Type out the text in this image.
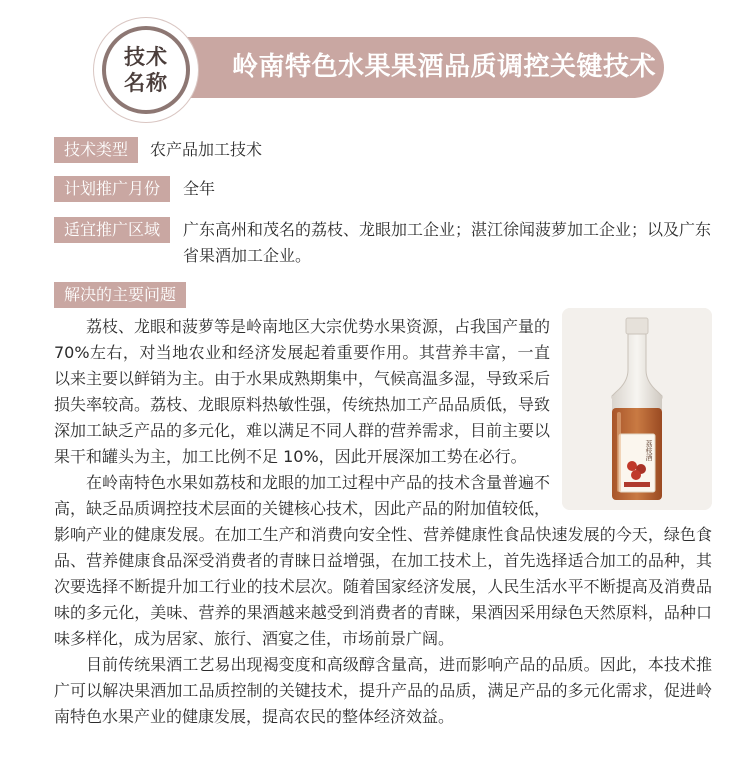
岭南特色水果果酒品质调控关键技术
技术
名称
技术类型	农产品加工技术
计划推广月份	全年
适宜推广区域	广东高州和茂名的荔枝、龙眼加工企业；湛江徐闻菠萝加工企业；以及广东省果酒加工企业。
解决的主要问题
荔枝酒

荔枝、龙眼和菠萝等是岭南地区大宗优势水果资源，占我国产量的 70%左右，对当地农业和经济发展起着重要作用。其营养丰富，一直以来主要以鲜销为主。由于水果成熟期集中，气候高温多湿，导致采后损失率较高。荔枝、龙眼原料热敏性强，传统热加工产品品质低，导致深加工缺乏产品的多元化，难以满足不同人群的营养需求，目前主要以果干和罐头为主，加工比例不足 10%，因此开展深加工势在必行。

在岭南特色水果如荔枝和龙眼的加工过程中产品的技术含量普遍不高，缺乏品质调控技术层面的关键核心技术，因此产品的附加值较低，影响产业的健康发展。在加工生产和消费向安全性、营养健康性食品快速发展的今天，绿色食品、营养健康食品深受消费者的青睐日益增强，在加工技术上，首先选择适合加工的品种，其次要选择不断提升加工行业的技术层次。随着国家经济发展，人民生活水平不断提高及消费品味的多元化，美味、营养的果酒越来越受到消费者的青睐，果酒因采用绿色天然原料，品种口味多样化，成为居家、旅行、酒宴之佳，市场前景广阔。

目前传统果酒工艺易出现褐变度和高级醇含量高，进而影响产品的品质。因此，本技术推广可以解决果酒加工品质控制的关键技术，提升产品的品质，满足产品的多元化需求，促进岭南特色水果产业的健康发展，提高农民的整体经济效益。
